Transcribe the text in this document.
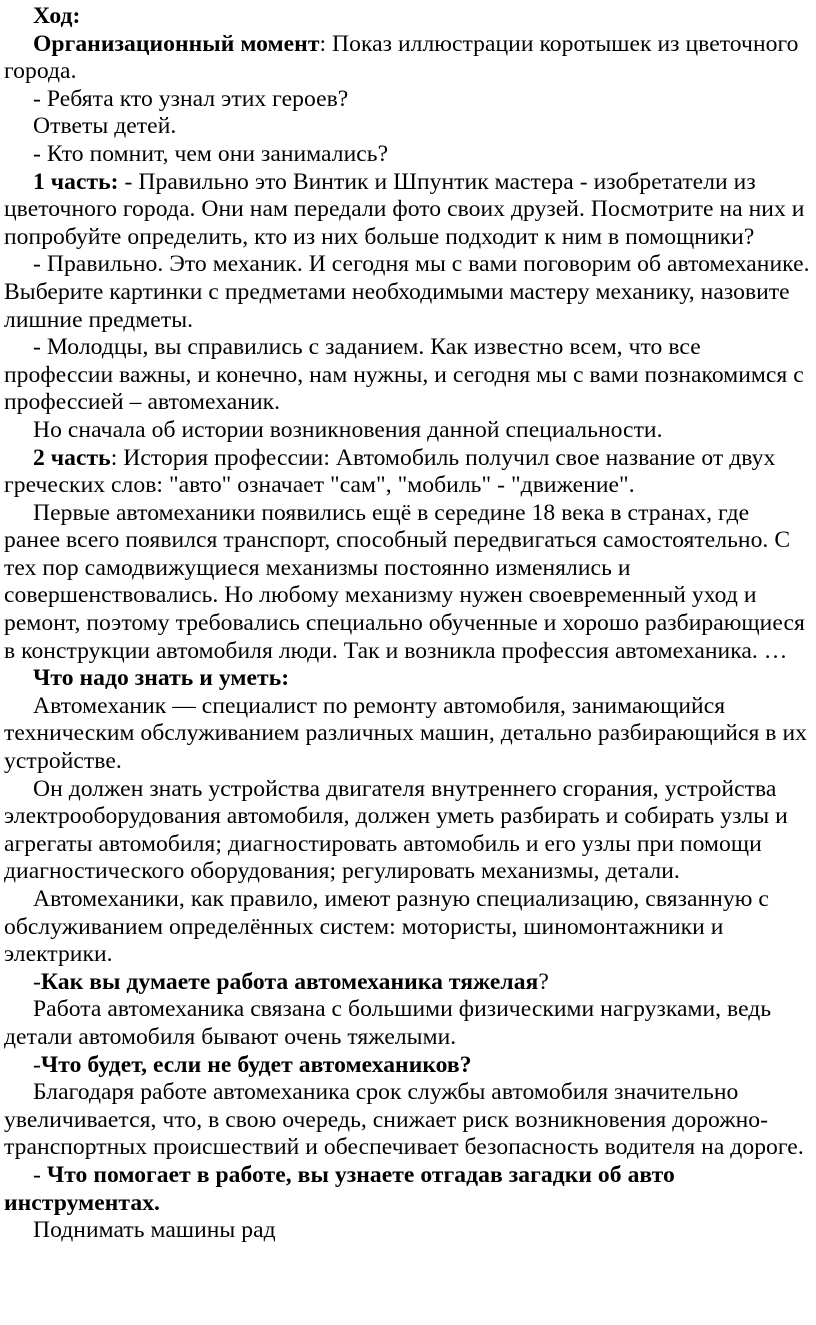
Ход:

Организационный момент: Показ иллюстрации коротышек из цветочного города.

- Ребята кто узнал этих героев?

Ответы детей.

- Кто помнит, чем они занимались?

1 часть: - Правильно это Винтик и Шпунтик мастера - изобретатели из цветочного города. Они нам передали фото своих друзей. Посмотрите на них и попробуйте определить, кто из них больше подходит к ним в помощники?

- Правильно. Это механик. И сегодня мы с вами поговорим об автомеханике. Выберите картинки с предметами необходимыми мастеру механику, назовите лишние предметы.

- Молодцы, вы справились с заданием. Как известно всем, что все профессии важны, и конечно, нам нужны, и сегодня мы с вами познакомимся с профессией – автомеханик.

Но сначала об истории возникновения данной специальности.

2 часть: История профессии: Автомобиль получил свое название от двух греческих слов: "авто" означает "сам", "мобиль" - "движение".

Первые автомеханики появились ещё в середине 18 века в странах, где ранее всего появился транспорт, способный передвигаться самостоятельно. С тех пор самодвижущиеся механизмы постоянно изменялись и совершенствовались. Но любому механизму нужен своевременный уход и ремонт, поэтому требовались специально обученные и хорошо разбирающиеся в конструкции автомобиля люди. Так и возникла профессия автомеханика. …

Что надо знать и уметь:

Автомеханик — специалист по ремонту автомобиля, занимающийся техническим обслуживанием различных машин, детально разбирающийся в их устройстве.

Он должен знать устройства двигателя внутреннего сгорания, устройства электрооборудования автомобиля, должен уметь разбирать и собирать узлы и агрегаты автомобиля; диагностировать автомобиль и его узлы при помощи диагностического оборудования; регулировать механизмы, детали.

Автомеханики, как правило, имеют разную специализацию, связанную с обслуживанием определённых систем: мотористы, шиномонтажники и электрики.

-Как вы думаете работа автомеханика тяжелая?

Работа автомеханика связана с большими физическими нагрузками, ведь детали автомобиля бывают очень тяжелыми.

-Что будет, если не будет автомехаников?

Благодаря работе автомеханика срок службы автомобиля значительно увеличивается, что, в свою очередь, снижает риск возникновения дорожно-транспортных происшествий и обеспечивает безопасность водителя на дороге.

- Что помогает в работе, вы узнаете отгадав загадки об авто инструментах.

Поднимать машины рад
